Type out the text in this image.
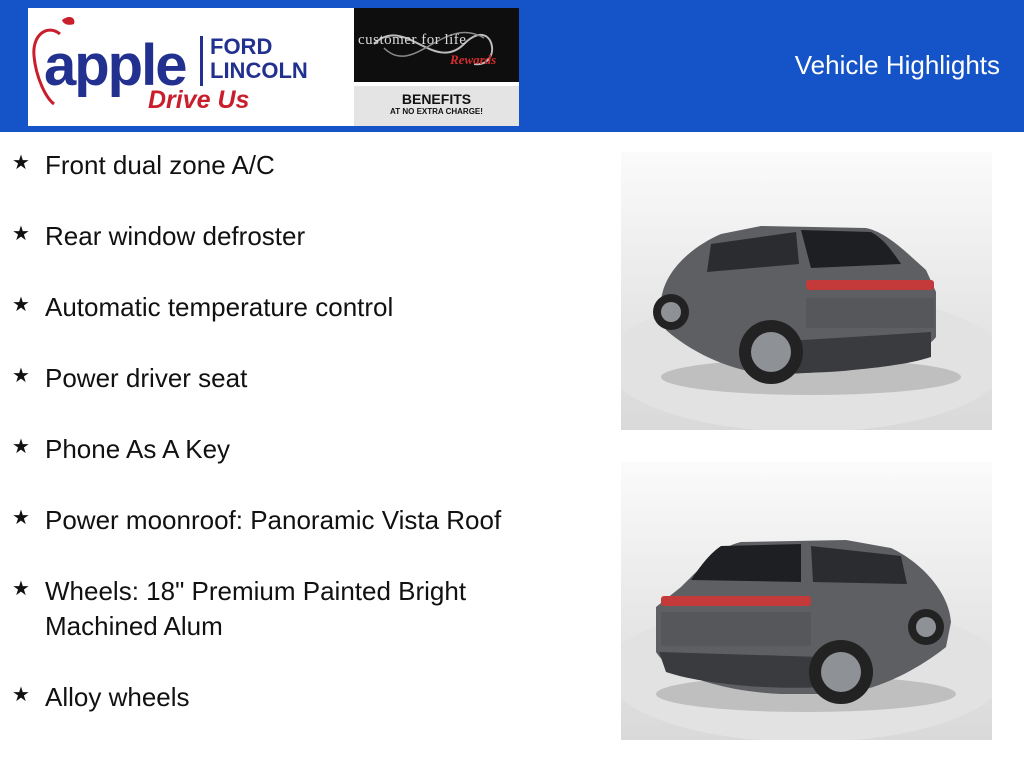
apple FORD
LINCOLN
Drive Us
customer for life
Rewards
BENEFITS
AT NO EXTRA CHARGE!
Vehicle Highlights
★ Front dual zone A/C
★ Rear window defroster
★ Automatic temperature control
★ Power driver seat
★ Phone As A Key
★ Power moonroof: Panoramic Vista Roof
★ Wheels: 18" Premium Painted Bright Machined Alum
★ Alloy wheels
